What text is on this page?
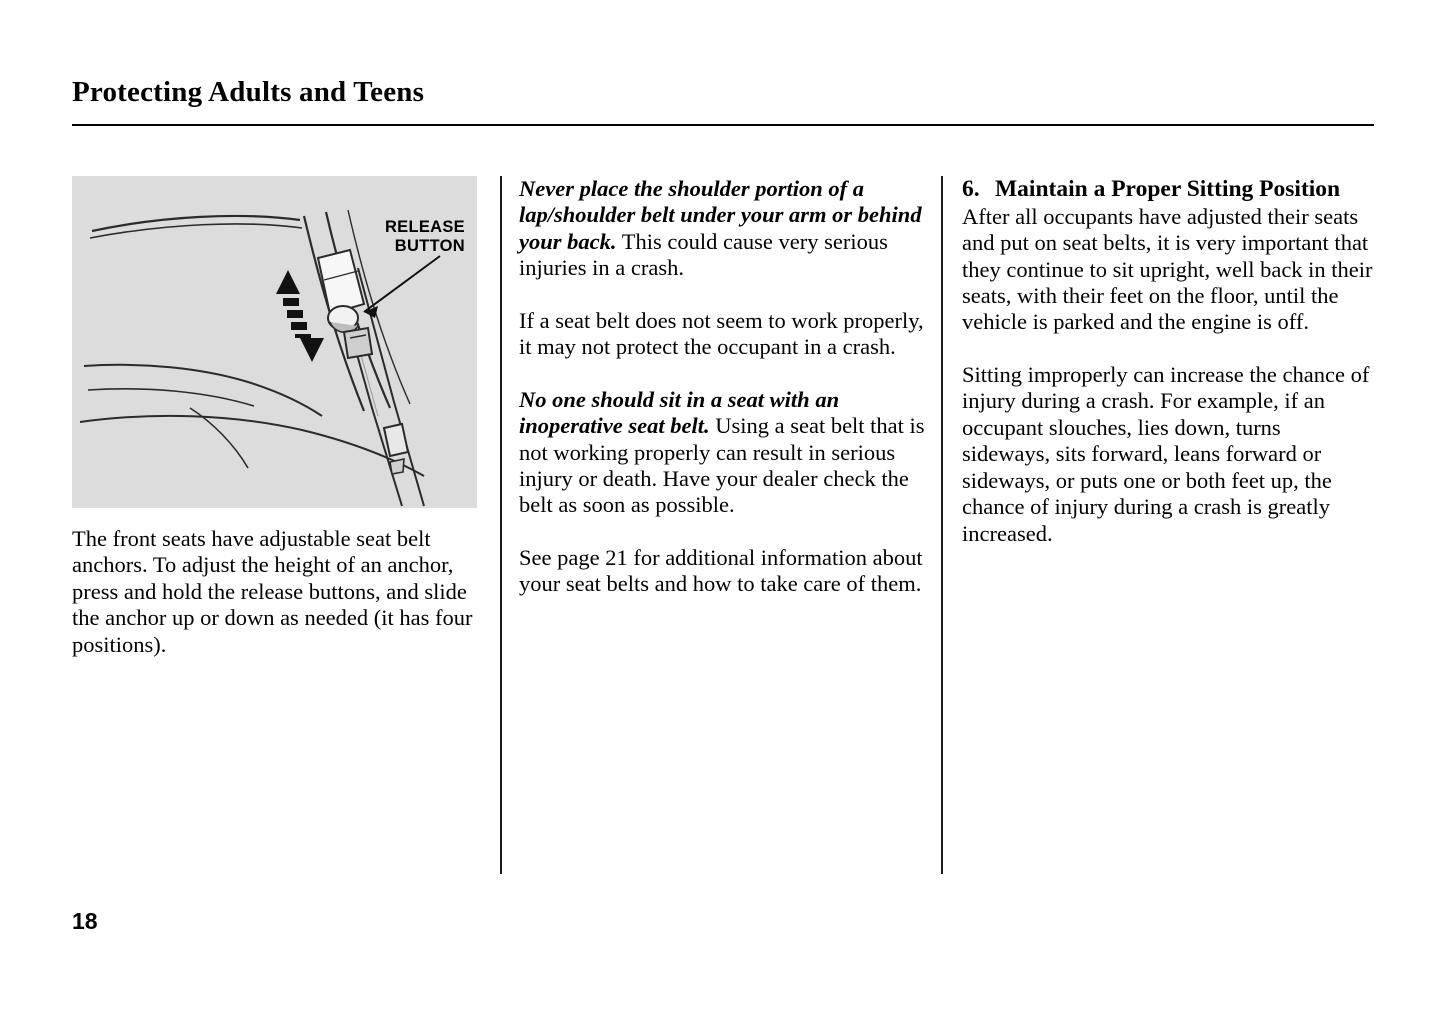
Protecting Adults and Teens
RELEASE
BUTTON

The front seats have adjustable seat belt anchors. To adjust the height of an anchor, press and hold the release buttons, and slide the anchor up or down as needed (it has four positions).

Never place the shoulder portion of a lap/shoulder belt under your arm or behind your back. This could cause very serious injuries in a crash.

If a seat belt does not seem to work properly, it may not protect the occupant in a crash.

No one should sit in a seat with an inoperative seat belt. Using a seat belt that is not working properly can result in serious injury or death. Have your dealer check the belt as soon as possible.

See page 21 for additional information about your seat belts and how to take care of them.

6. Maintain a Proper Sitting Position

After all occupants have adjusted their seats and put on seat belts, it is very important that they continue to sit upright, well back in their seats, with their feet on the floor, until the vehicle is parked and the engine is off.

Sitting improperly can increase the chance of injury during a crash. For example, if an occupant slouches, lies down, turns sideways, sits forward, leans forward or sideways, or puts one or both feet up, the chance of injury during a crash is greatly increased.

18
